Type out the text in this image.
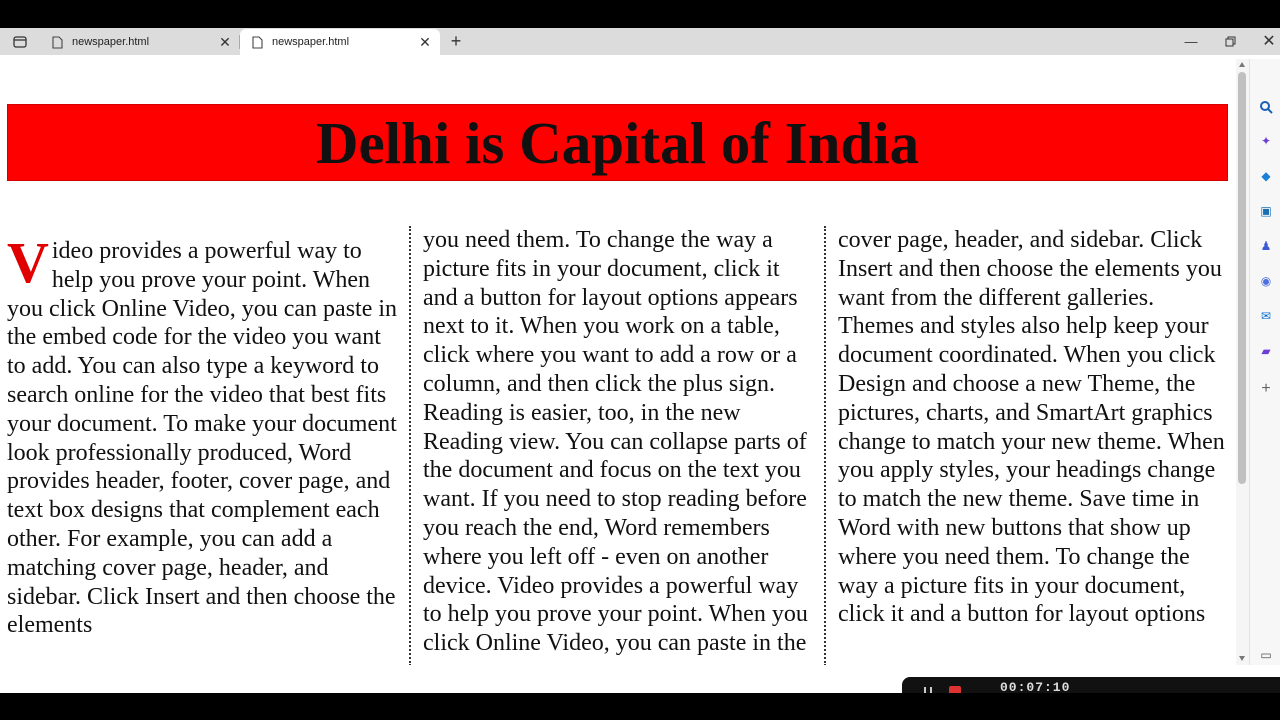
newspaper.html	✕	newspaper.html	✕ +	—	✕
Delhi is Capital of India
V ideo provides a powerful way to help you prove your point. When you click Online Video, you can paste in the embed code for the video you want to add. You can also type a keyword to search online for the video that best fits your document. To make your document look professionally produced, Word provides header, footer, cover page, and text box designs that complement each other. For example, you can add a matching cover page, header, and sidebar. Click Insert and then choose the elements
you need them. To change the way a picture fits in your document, click it and a button for layout options appears next to it. When you work on a table, click where you want to add a row or a column, and then click the plus sign. Reading is easier, too, in the new Reading view. You can collapse parts of the document and focus on the text you want. If you need to stop reading before you reach the end, Word remembers where you left off - even on another device. Video provides a powerful way to help you prove your point. When you click Online Video, you can paste in the
cover page, header, and sidebar. Click Insert and then choose the elements you want from the different galleries. Themes and styles also help keep your document coordinated. When you click Design and choose a new Theme, the pictures, charts, and SmartArt graphics change to match your new theme. When you apply styles, your headings change to match the new theme. Save time in Word with new buttons that show up where you need them. To change the way a picture fits in your document, click it and a button for layout options
✦
◆
▣
♟
◉
✉
▰
+
▭
00:07:10
